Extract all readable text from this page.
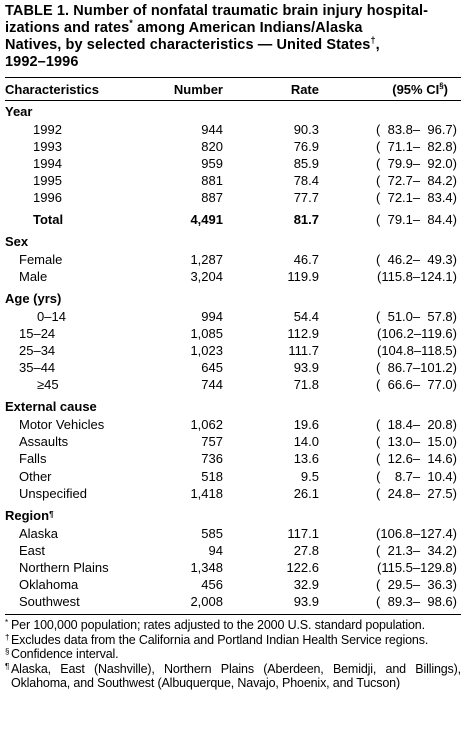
TABLE 1. Number of nonfatal traumatic brain injury hospital-
izations and rates* among American Indians/Alaska
Natives, by selected characteristics — United States†,
1992–1996
Characteristics	Number	Rate	(95% CI§)
Year
1992	944	90.3	(  83.8–  96.7)
1993	820	76.9	(  71.1–  82.8)
1994	959	85.9	(  79.9–  92.0)
1995	881	78.4	(  72.7–  84.2)
1996	887	77.7	(  72.1–  83.4)
Total	4,491	81.7	(  79.1–  84.4)
Sex
Female	1,287	46.7	(  46.2–  49.3)
Male	3,204	119.9	(115.8–124.1)
Age (yrs)
0–14	994	54.4	(  51.0–  57.8)
15–24	1,085	112.9	(106.2–119.6)
25–34	1,023	111.7	(104.8–118.5)
35–44	645	93.9	(  86.7–101.2)
≥45	744	71.8	(  66.6–  77.0)
External cause
Motor Vehicles	1,062	19.6	(  18.4–  20.8)
Assaults	757	14.0	(  13.0–  15.0)
Falls	736	13.6	(  12.6–  14.6)
Other	518	9.5	(    8.7–  10.4)
Unspecified	1,418	26.1	(  24.8–  27.5)
Region ¶
Alaska	585	117.1	(106.8–127.4)
East	94	27.8	(  21.3–  34.2)
Northern Plains	1,348	122.6	(115.5–129.8)
Oklahoma	456	32.9	(  29.5–  36.3)
Southwest	2,008	93.9	(  89.3–  98.6)
* Per 100,000 population; rates adjusted to the 2000 U.S. standard population.
† Excludes data from the California and Portland Indian Health Service regions.
§ Confidence interval.
¶ Alaska, East (Nashville), Northern Plains (Aberdeen, Bemidji, and Billings), Oklahoma, and Southwest (Albuquerque, Navajo, Phoenix, and Tucson)
